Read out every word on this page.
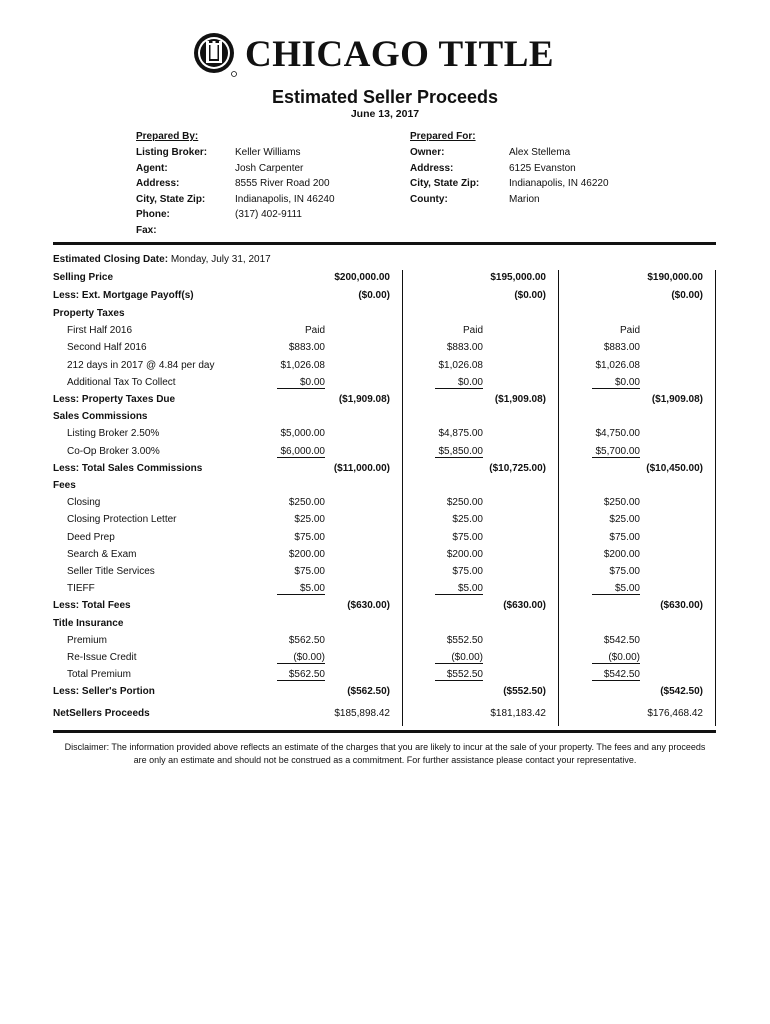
CHICAGO TITLE
Estimated Seller Proceeds
June 13, 2017
Prepared By:
Listing Broker:	Keller Williams
Agent:	Josh Carpenter
Address:	8555 River Road 200
City, State Zip:	Indianapolis, IN 46240
Phone:	(317) 402-9111
Fax:
Prepared For:
Owner:	Alex Stellema
Address:	6125 Evanston
City, State Zip:	Indianapolis, IN 46220
County:	Marion
Estimated Closing Date: Monday, July 31, 2017
Selling Price	$200,000.00	$195,000.00	$190,000.00
Less: Ext. Mortgage Payoff(s)	($0.00)	($0.00)	($0.00)
Property Taxes
First Half 2016	Paid	Paid	Paid
Second Half 2016	$883.00	$883.00	$883.00
212 days in 2017 @ 4.84 per day	$1,026.08	$1,026.08	$1,026.08
Additional Tax To Collect	$0.00	$0.00	$0.00
Less: Property Taxes Due	($1,909.08)	($1,909.08)	($1,909.08)
Sales Commissions
Listing Broker 2.50%	$5,000.00	$4,875.00	$4,750.00
Co-Op Broker 3.00%	$6,000.00	$5,850.00	$5,700.00
Less: Total Sales Commissions	($11,000.00)	($10,725.00)	($10,450.00)
Fees
Closing	$250.00	$250.00	$250.00
Closing Protection Letter	$25.00	$25.00	$25.00
Deed Prep	$75.00	$75.00	$75.00
Search & Exam	$200.00	$200.00	$200.00
Seller Title Services	$75.00	$75.00	$75.00
TIEFF	$5.00	$5.00	$5.00
Less: Total Fees	($630.00)	($630.00)	($630.00)
Title Insurance
Premium	$562.50	$552.50	$542.50
Re-Issue Credit	($0.00)	($0.00)	($0.00)
Total Premium	$562.50	$552.50	$542.50
Less: Seller's Portion	($562.50)	($552.50)	($542.50)
NetSellers Proceeds	$185,898.42	$181,183.42	$176,468.42
Disclaimer: The information provided above reflects an estimate of the charges that you are likely to incur at the sale of your property. The fees and any proceeds are only an estimate and should not be construed as a commitment. For further assistance please contact your representative.
